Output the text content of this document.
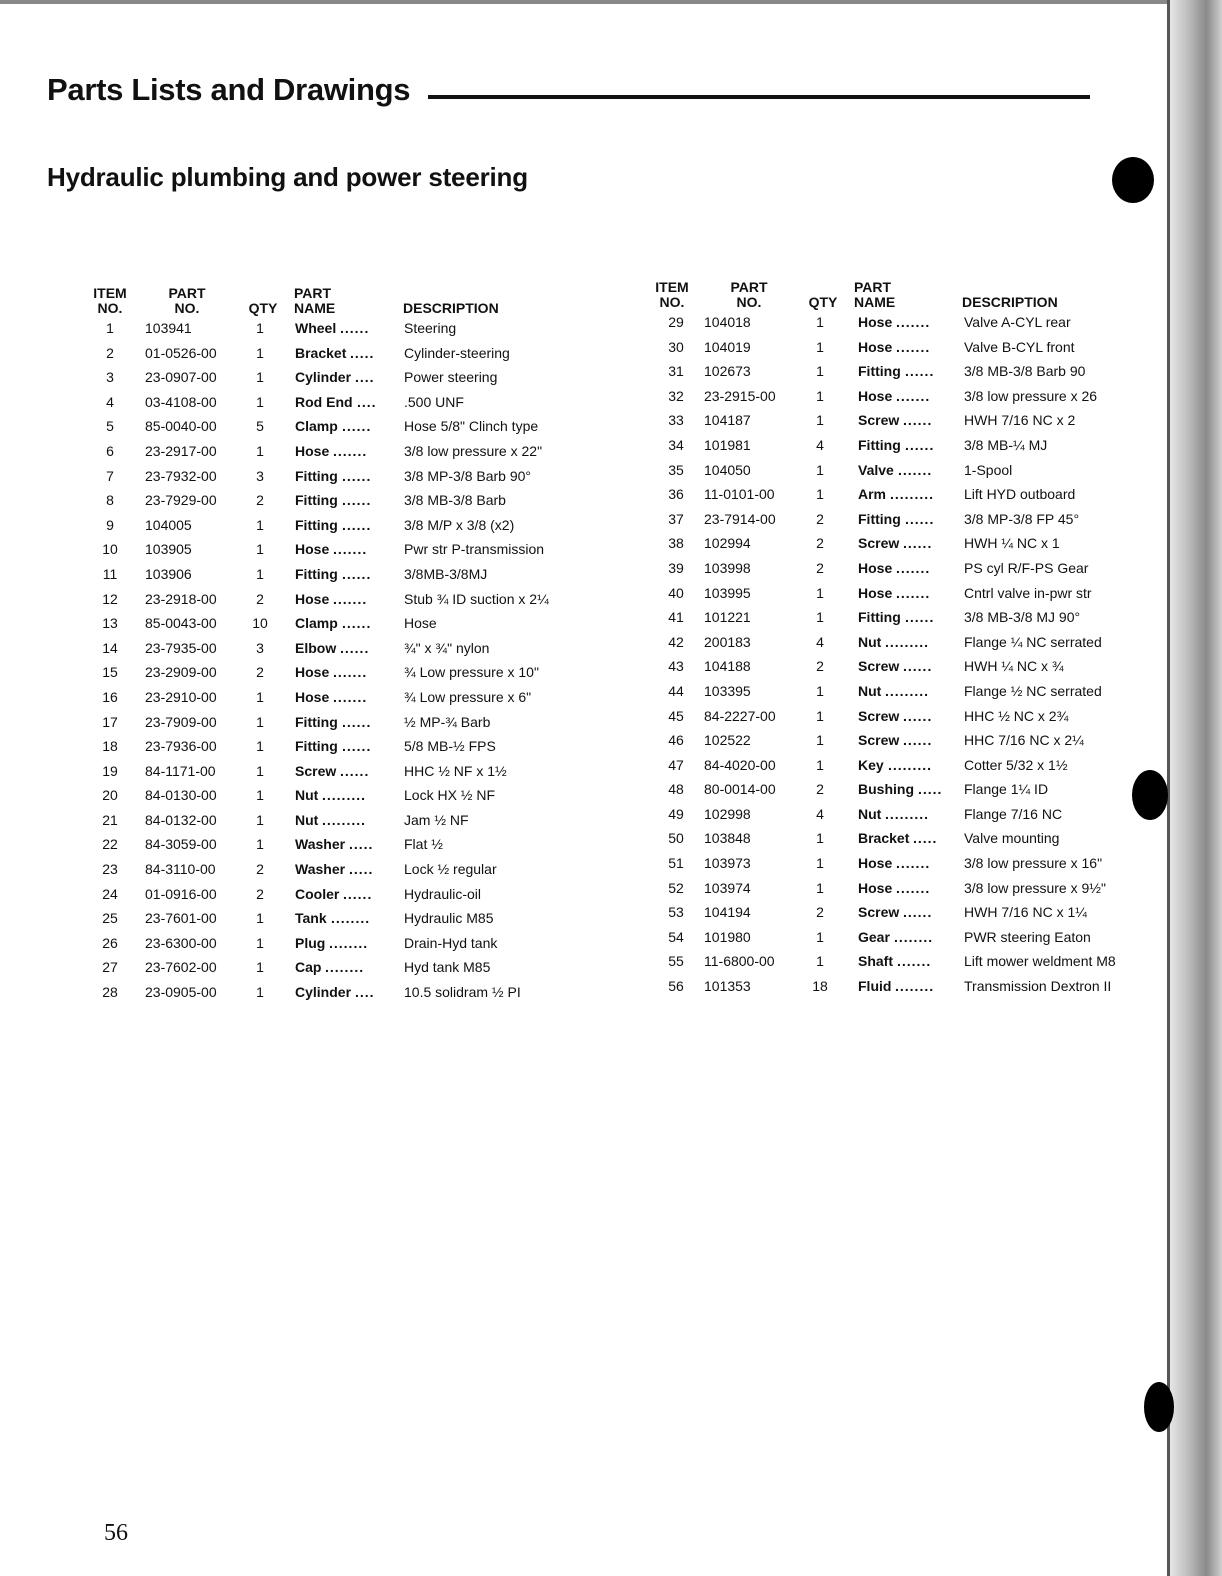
Parts Lists and Drawings
Hydraulic plumbing and power steering
ITEM
NO.
PART
NO.	QTY
PART
NAME	DESCRIPTION
1	103941	1	Wheel ...... Steering
2	01-0526-00	1	Bracket ..... Cylinder-steering
3	23-0907-00	1	Cylinder .... Power steering
4	03-4108-00	1	Rod End .... .500 UNF
5	85-0040-00	5	Clamp ...... Hose 5/8" Clinch type
6	23-2917-00	1	Hose .......	3/8 low pressure x 22"
7	23-7932-00	3	Fitting ...... 3/8 MP-3/8 Barb 90°
8	23-7929-00	2	Fitting ...... 3/8 MB-3/8 Barb
9	104005	1	Fitting ...... 3/8 M/P x 3/8 (x2)
10	103905	1	Hose .......	Pwr str P-transmission
11	103906	1	Fitting ...... 3/8MB-3/8MJ
12	23-2918-00	2	Hose .......	Stub ¾ ID suction x 2¼
13	85-0043-00	10	Clamp ...... Hose
14	23-7935-00	3	Elbow ...... ¾" x ¾" nylon
15	23-2909-00	2	Hose .......	¾ Low pressure x 10"
16	23-2910-00	1	Hose .......	¾ Low pressure x 6"
17	23-7909-00	1	Fitting ...... ½ MP-¾ Barb
18	23-7936-00	1	Fitting ...... 5/8 MB-½ FPS
19	84-1171-00	1	Screw ...... HHC ½ NF x 1½
20	84-0130-00	1	Nut .........	Lock HX ½ NF
21	84-0132-00	1	Nut .........	Jam ½ NF
22	84-3059-00	1	Washer ..... Flat ½
23	84-3110-00	2	Washer ..... Lock ½ regular
24	01-0916-00	2	Cooler ...... Hydraulic-oil
25	23-7601-00	1	Tank ........ Hydraulic M85
26	23-6300-00	1	Plug ........	Drain-Hyd tank
27	23-7602-00	1	Cap ........	Hyd tank M85
28	23-0905-00	1	Cylinder .... 10.5 solidram ½ PI
ITEM
NO.
PART
NO.	QTY
PART
NAME	DESCRIPTION
29	104018	1	Hose ....... Valve A-CYL rear
30	104019	1	Hose ....... Valve B-CYL front
31	102673	1	Fitting ...... 3/8 MB-3/8 Barb 90
32	23-2915-00	1	Hose ....... 3/8 low pressure x 26
33	104187	1	Screw ...... HWH 7/16 NC x 2
34	101981	4	Fitting ...... 3/8 MB-¼ MJ
35	104050	1	Valve ....... 1-Spool
36	11-0101-00	1	Arm ......... Lift HYD outboard
37	23-7914-00	2	Fitting ...... 3/8 MP-3/8 FP 45°
38	102994	2	Screw ...... HWH ¼ NC x 1
39	103998	2	Hose ....... PS cyl R/F-PS Gear
40	103995	1	Hose ....... Cntrl valve in-pwr str
41	101221	1	Fitting ...... 3/8 MB-3/8 MJ 90°
42	200183	4	Nut ......... Flange ¼ NC serrated
43	104188	2	Screw ...... HWH ¼ NC x ¾
44	103395	1	Nut ......... Flange ½ NC serrated
45	84-2227-00	1	Screw ...... HHC ½ NC x 2¾
46	102522	1	Screw ...... HHC 7/16 NC x 2¼
47	84-4020-00	1	Key ......... Cotter 5/32 x 1½
48	80-0014-00	2	Bushing ..... Flange 1¼ ID
49	102998	4	Nut ......... Flange 7/16 NC
50	103848	1	Bracket ..... Valve mounting
51	103973	1	Hose ....... 3/8 low pressure x 16"
52	103974	1	Hose ....... 3/8 low pressure x 9½"
53	104194	2	Screw ...... HWH 7/16 NC x 1¼
54	101980	1	Gear ........ PWR steering Eaton
55	11-6800-00	1	Shaft ....... Lift mower weldment M8
56	101353	18	Fluid ........ Transmission Dextron II
56
